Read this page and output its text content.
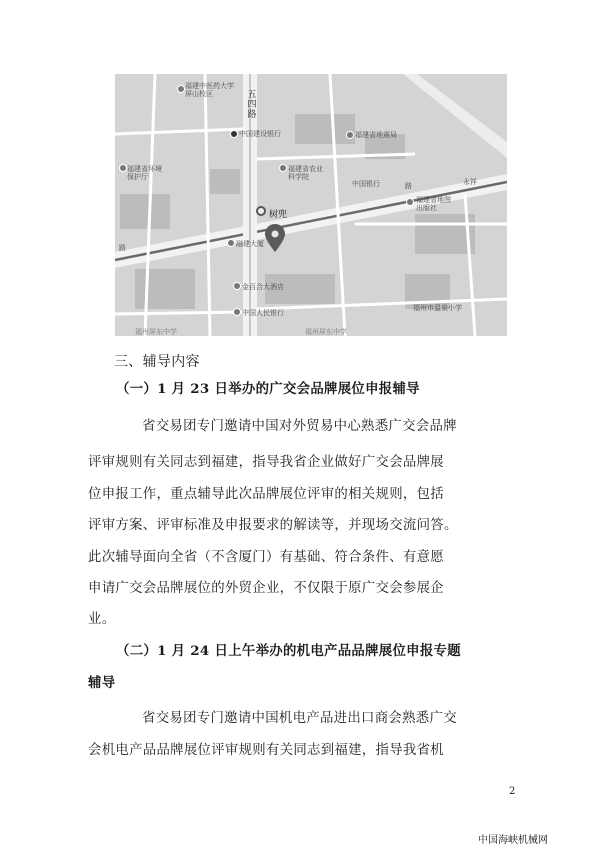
福建中医药大学
屏山校区	五 四 路
中国建设银行	福建省地震局
福建省环境
保护厅
福建省农业
科学院
中国银行	永祥
福建省地图
出版社
树兜
融建大厦
金百合大酒店
中国人民银行
福州市温泉小学
福州屏东中学	福州屏东中学
路
路
三、辅导内容
（一）1 月 23 日举办的广交会品牌展位申报辅导
省交易团专门邀请中国对外贸易中心熟悉广交会品牌
评审规则有关同志到福建，指导我省企业做好广交会品牌展
位申报工作，重点辅导此次品牌展位评审的相关规则，包括
评审方案、评审标准及申报要求的解读等，并现场交流问答。
此次辅导面向全省（不含厦门）有基础、符合条件、有意愿
申请广交会品牌展位的外贸企业，不仅限于原广交会参展企
业。
（二）1 月 24 日上午举办的机电产品品牌展位申报专题
辅导
省交易团专门邀请中国机电产品进出口商会熟悉广交
会机电产品品牌展位评审规则有关同志到福建，指导我省机
2
中国海峡机械网
